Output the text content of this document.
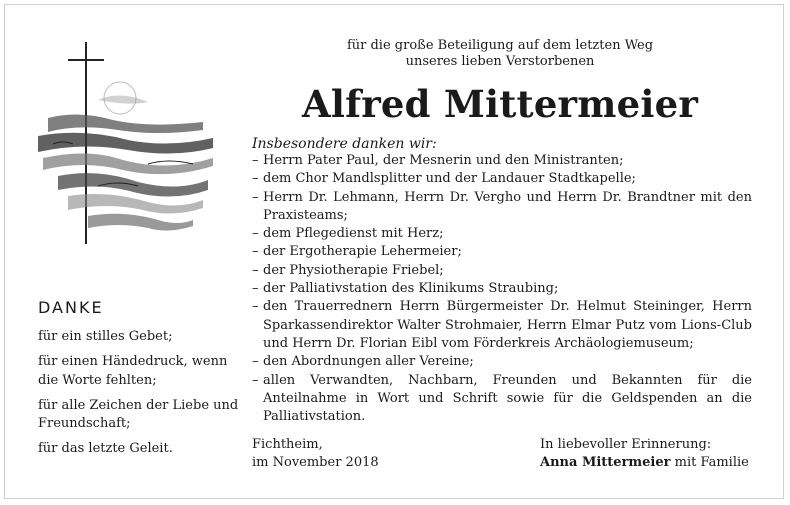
für die große Beteiligung auf dem letzten Weg
unseres lieben Verstorbenen
Alfred Mittermeier
Insbesondere danken wir:
– Herrn Pater Paul, der Mesnerin und den Ministranten;
– dem Chor Mandlsplitter und der Landauer Stadtkapelle;
– Herrn Dr. Lehmann, Herrn Dr. Vergho und Herrn Dr. Brandtner mit den Praxisteams;
– dem Pflegedienst mit Herz;
– der Ergotherapie Lehermeier;
– der Physiotherapie Friebel;
– der Palliativstation des Klinikums Straubing;
– den Trauerrednern Herrn Bürgermeister Dr. Helmut Steininger, Herrn Sparkassendirektor Walter Strohmaier, Herrn Elmar Putz vom Lions-Club und Herrn Dr. Florian Eibl vom Förderkreis Archäologiemuseum;
– den Abordnungen aller Vereine;
– allen Verwandten, Nachbarn, Freunden und Bekannten für die Anteilnahme in Wort und Schrift sowie für die Geldspenden an die Palliativstation.
DANKE

für ein stilles Gebet;

für einen Händedruck, wenn die Worte fehlten;

für alle Zeichen der Liebe und Freundschaft;

für das letzte Geleit.	Fichtheim,
im November 2018
In liebevoller Erinnerung:
Anna Mittermeier mit Familie
